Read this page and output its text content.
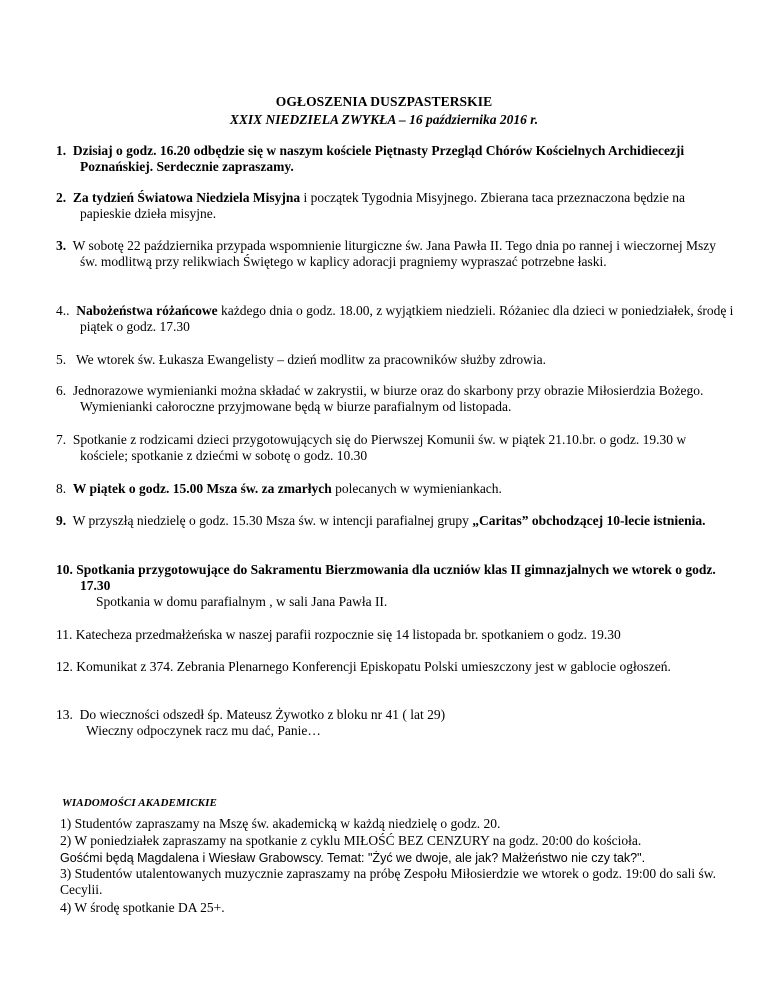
OGŁOSZENIA DUSZPASTERSKIE
XXIX NIEDZIELA ZWYKŁA – 16 października 2016 r.
1. Dzisiaj o godz. 16.20 odbędzie się w naszym kościele Piętnasty Przegląd Chórów Kościelnych Archidiecezji Poznańskiej. Serdecznie zapraszamy.
2. Za tydzień Światowa Niedziela Misyjna i początek Tygodnia Misyjnego. Zbierana taca przeznaczona będzie na papieskie dzieła misyjne.
3. W sobotę 22 października przypada wspomnienie liturgiczne św. Jana Pawła II. Tego dnia po rannej i wieczornej Mszy św. modlitwą przy relikwiach Świętego w kaplicy adoracji pragniemy wypraszać potrzebne łaski.
4.. Nabożeństwa różańcowe każdego dnia o godz. 18.00, z wyjątkiem niedzieli. Różaniec dla dzieci w poniedziałek, środę i piątek o godz. 17.30
5. We wtorek św. Łukasza Ewangelisty – dzień modlitw za pracowników służby zdrowia.
6. Jednorazowe wymienianki można składać w zakrystii, w biurze oraz do skarbony przy obrazie Miłosierdzia Bożego. Wymienianki całoroczne przyjmowane będą w biurze parafialnym od listopada.
7. Spotkanie z rodzicami dzieci przygotowujących się do Pierwszej Komunii św. w piątek 21.10.br. o godz. 19.30 w kościele; spotkanie z dziećmi w sobotę o godz. 10.30
8. W piątek o godz. 15.00 Msza św. za zmarłych polecanych w wymieniankach.
9. W przyszłą niedzielę o godz. 15.30 Msza św. w intencji parafialnej grupy „Caritas” obchodzącej 10-lecie istnienia.
10. Spotkania przygotowujące do Sakramentu Bierzmowania dla uczniów klas II gimnazjalnych we wtorek o godz. 17.30
Spotkania w domu parafialnym , w sali Jana Pawła II.
11. Katecheza przedmałżeńska w naszej parafii rozpocznie się 14 listopada br. spotkaniem o godz. 19.30
12. Komunikat z 374. Zebrania Plenarnego Konferencji Episkopatu Polski umieszczony jest w gablocie ogłoszeń.
13. Do wieczności odszedł śp. Mateusz Żywotko z bloku nr 41 ( lat 29)
Wieczny odpoczynek racz mu dać, Panie…
WIADOMOŚCI AKADEMICKIE
1) Studentów zapraszamy na Mszę św. akademicką w każdą niedzielę o godz. 20.
2) W poniedziałek zapraszamy na spotkanie z cyklu MIŁOŚĆ BEZ CENZURY na godz. 20:00 do kościoła.
Gośćmi będą Magdalena i Wiesław Grabowscy. Temat: "Żyć we dwoje, ale jak? Małżeństwo nie czy tak?".
3) Studentów utalentowanych muzycznie zapraszamy na próbę Zespołu Miłosierdzie we wtorek o godz. 19:00 do sali św. Cecylii.
4) W środę spotkanie DA 25+.
